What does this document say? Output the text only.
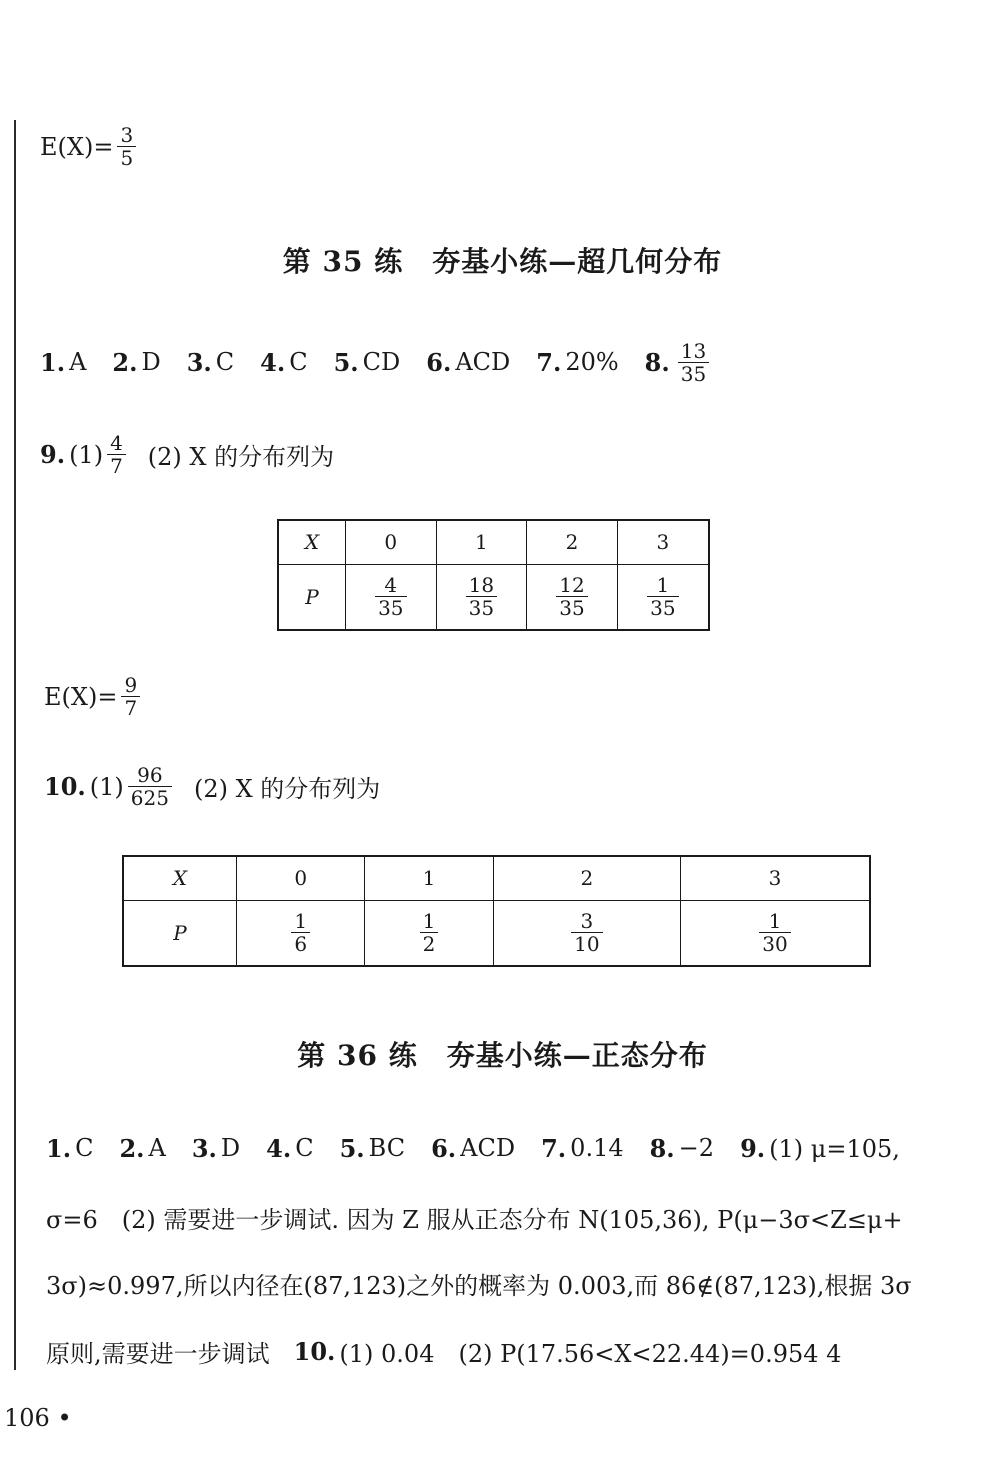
$E(X)= \frac{3}{5}$
第 35 练　夯基小练—超几何分布
1. A 2. D 3. C 4. C 5. CD 6. ACD 7. 20% 8. $\frac{13}{35}$
9. $(1) \frac{4}{7} (2)$ X 的分布列为
X	0	1	2	3
P	$\frac{4}{35}$	$\frac{18}{35}$	$\frac{12}{35}$	$\frac{1}{35}$
$E(X)= \frac{9}{7}$
10. $(1) \frac{96}{625} (2)$ X 的分布列为
X	0	1	2	3
P	$\frac{1}{6}$	$\frac{1}{2}$	$\frac{3}{10}$	$\frac{1}{30}$
第 36 练　夯基小练—正态分布
1. C 2. A 3. D 4. C 5. BC 6. ACD 7. 0.14 8. −2 9. (1) μ=105,
σ=6　(2) 需要进一步调试. 因为 Z 服从正态分布 N(105,36), P(μ−3σ<Z≤μ+
3σ)≈0.997,所以内径在(87,123)之外的概率为 0.003,而 86∉(87,123),根据 3σ
原则,需要进一步调试 10. (1) 0.04　(2) P(17.56<X<22.44)=0.954 4
106 •
